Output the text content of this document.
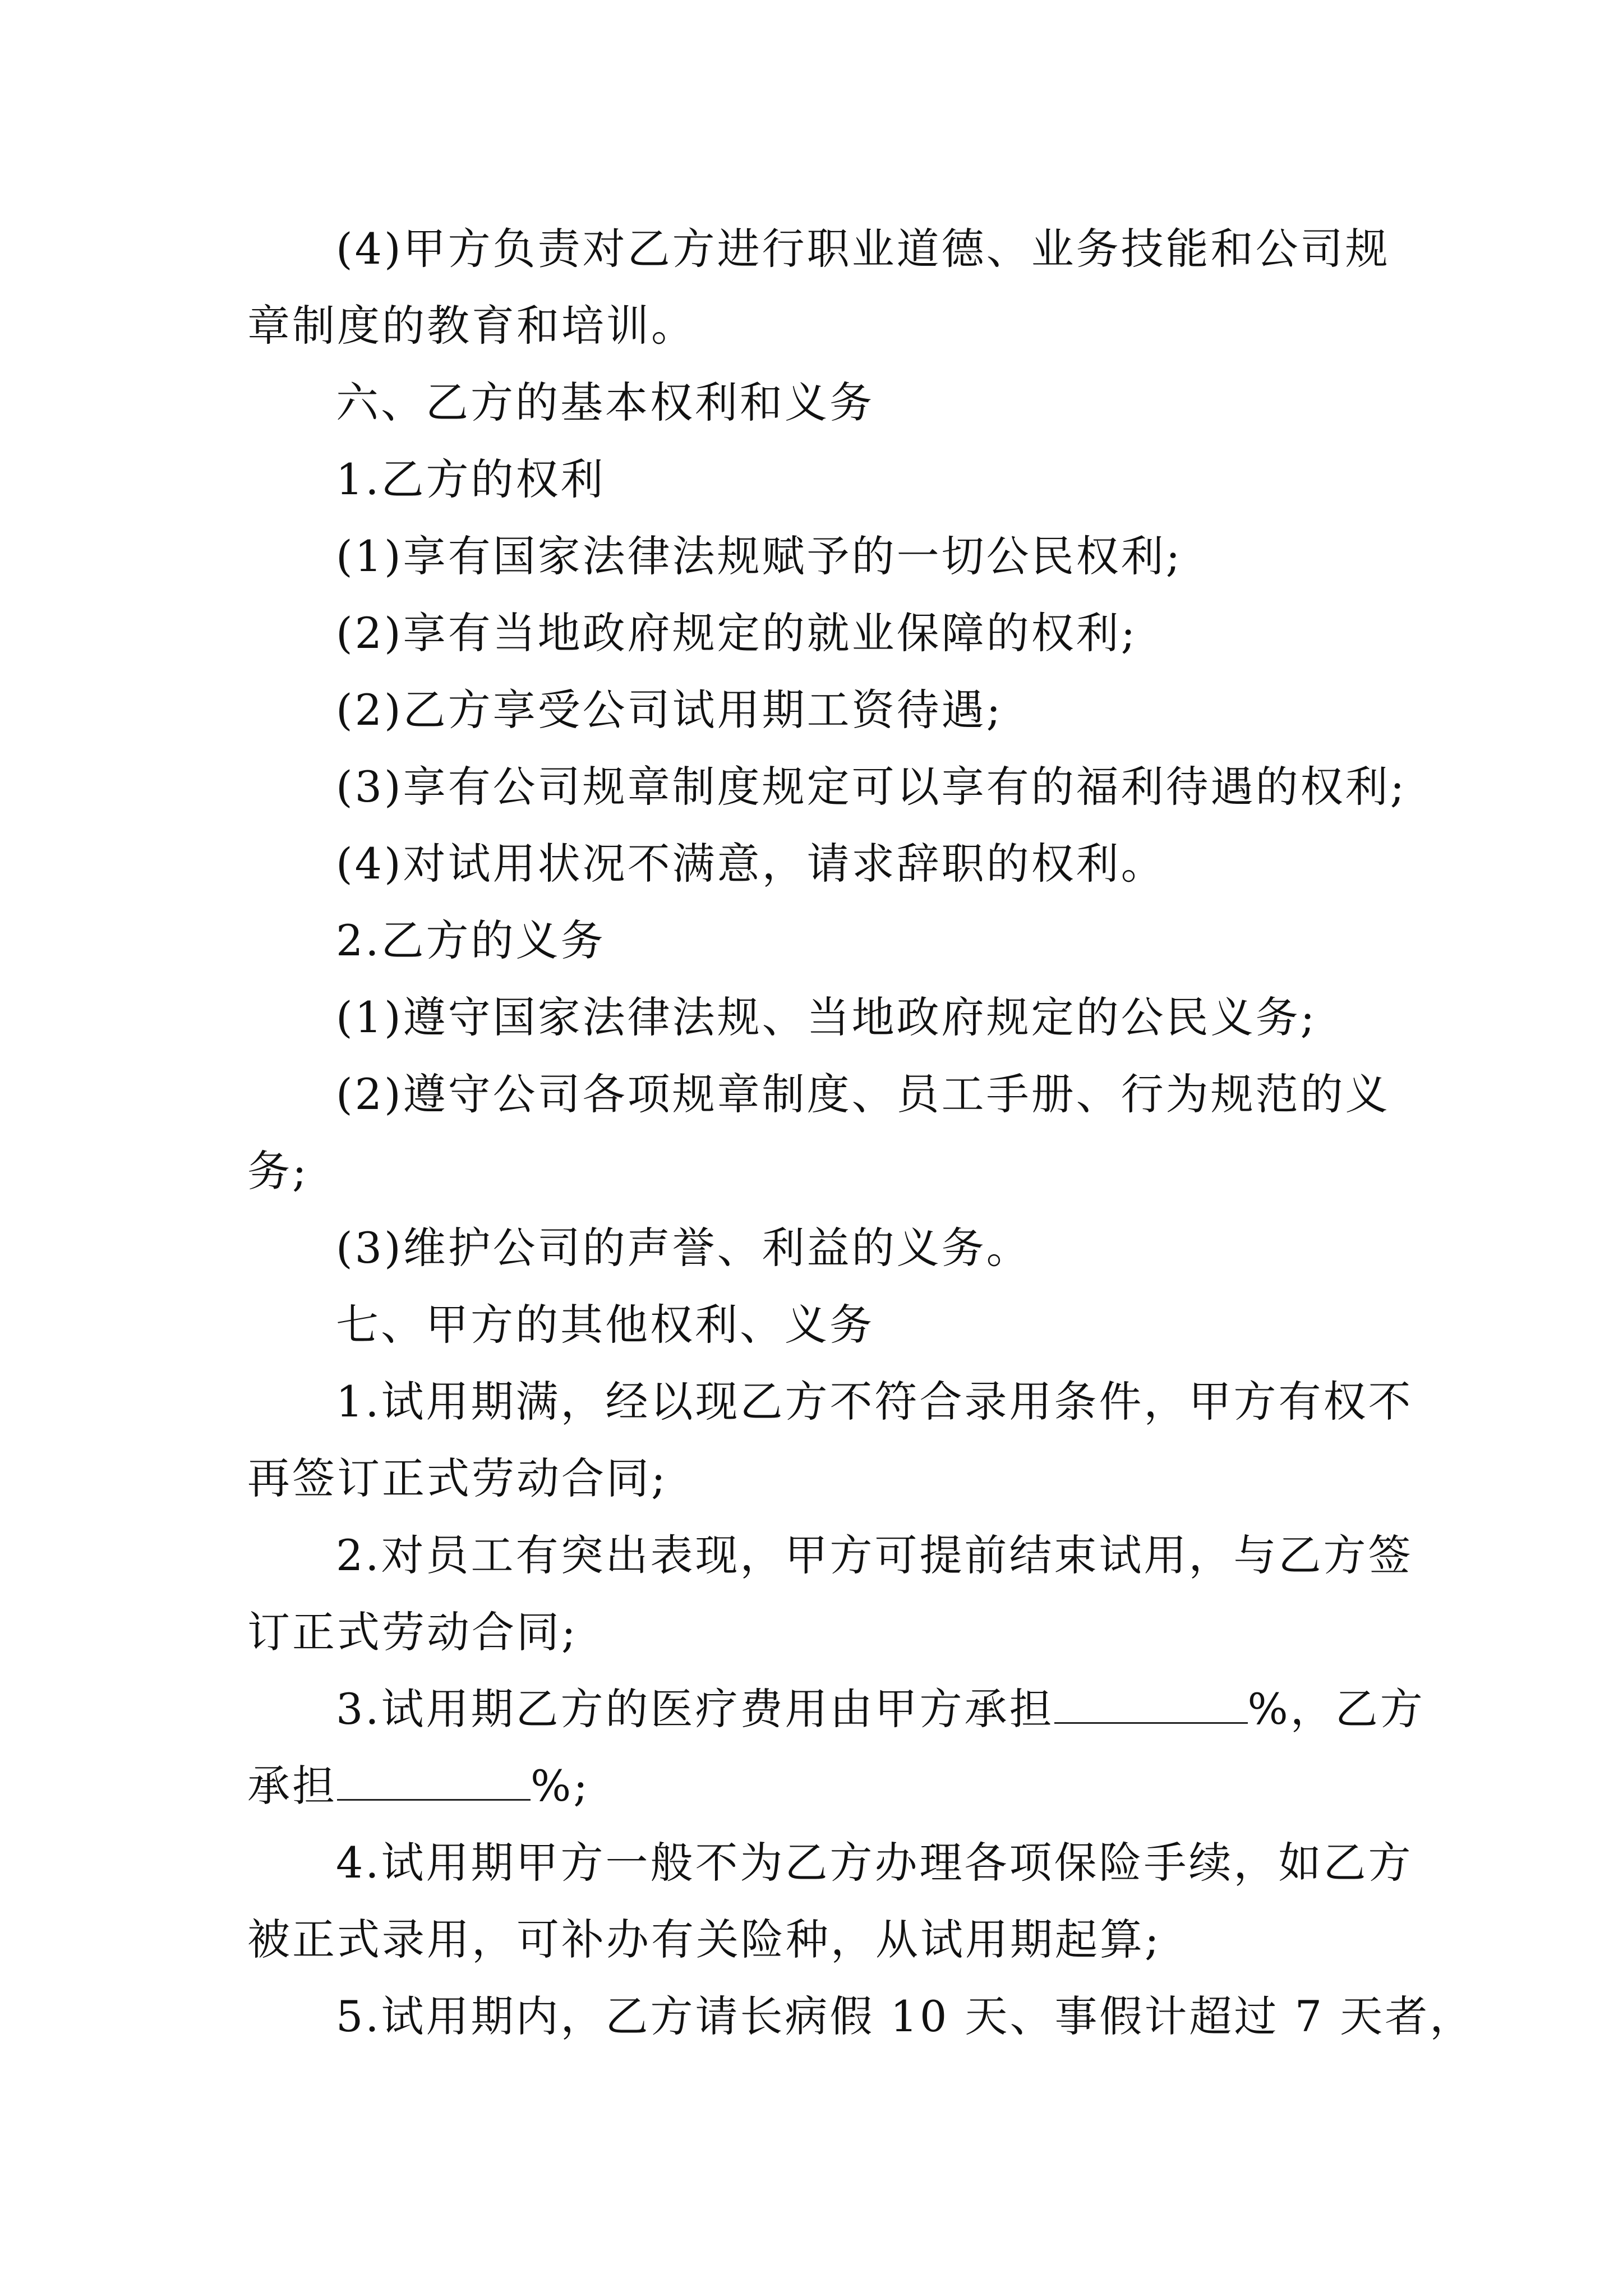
(4)甲方负责对乙方进行职业道德、业务技能和公司规

章制度的教育和培训。

六、乙方的基本权利和义务

1.乙方的权利

(1)享有国家法律法规赋予的一切公民权利;

(2)享有当地政府规定的就业保障的权利;

(2)乙方享受公司试用期工资待遇;

(3)享有公司规章制度规定可以享有的福利待遇的权利;

(4)对试用状况不满意，请求辞职的权利。

2.乙方的义务

(1)遵守国家法律法规、当地政府规定的公民义务;

(2)遵守公司各项规章制度、员工手册、行为规范的义

务;

(3)维护公司的声誉、利益的义务。

七、甲方的其他权利、义务

1.试用期满，经以现乙方不符合录用条件，甲方有权不

再签订正式劳动合同;

2.对员工有突出表现，甲方可提前结束试用，与乙方签

订正式劳动合同;

3.试用期乙方的医疗费用由甲方承担	%，乙方

承担	%;

4.试用期甲方一般不为乙方办理各项保险手续，如乙方

被正式录用，可补办有关险种，从试用期起算;

5.试用期内，乙方请长病假 10 天、事假计超过 7 天者，
